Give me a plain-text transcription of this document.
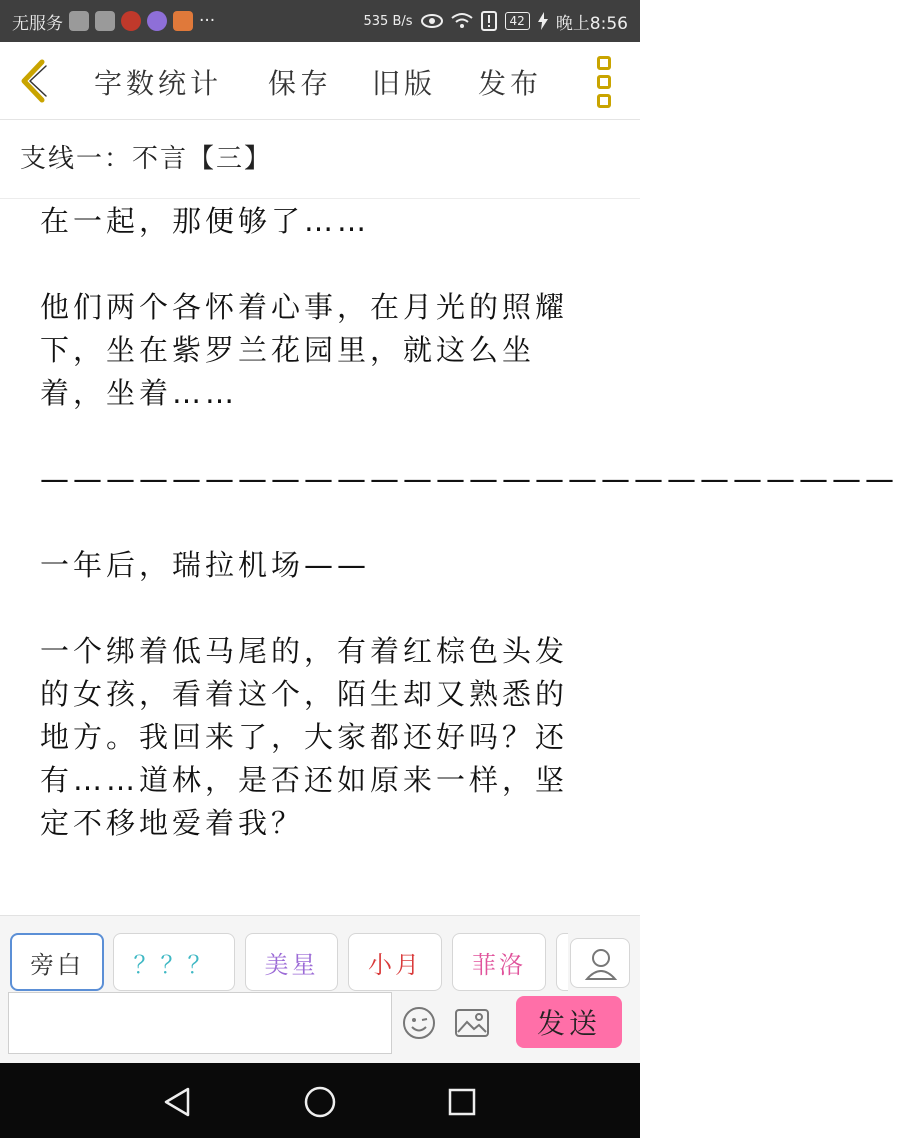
无服务	···	535 B/s	42 晚上8:56
字数统计 保存 旧版 发布
支线一：不言【三】

在一起，那便够了……

他们两个各怀着心事，在月光的照耀下，坐在紫罗兰花园里，就这么坐着，坐着……

——————————————————————————

一年后，瑞拉机场——

一个绑着低马尾的，有着红棕色头发的女孩，看着这个，陌生却又熟悉的地方。我回来了，大家都还好吗？还有……道林，是否还如原来一样，坚定不移地爱着我？

旁白 ？？？ 美星 小月 菲洛
发送
